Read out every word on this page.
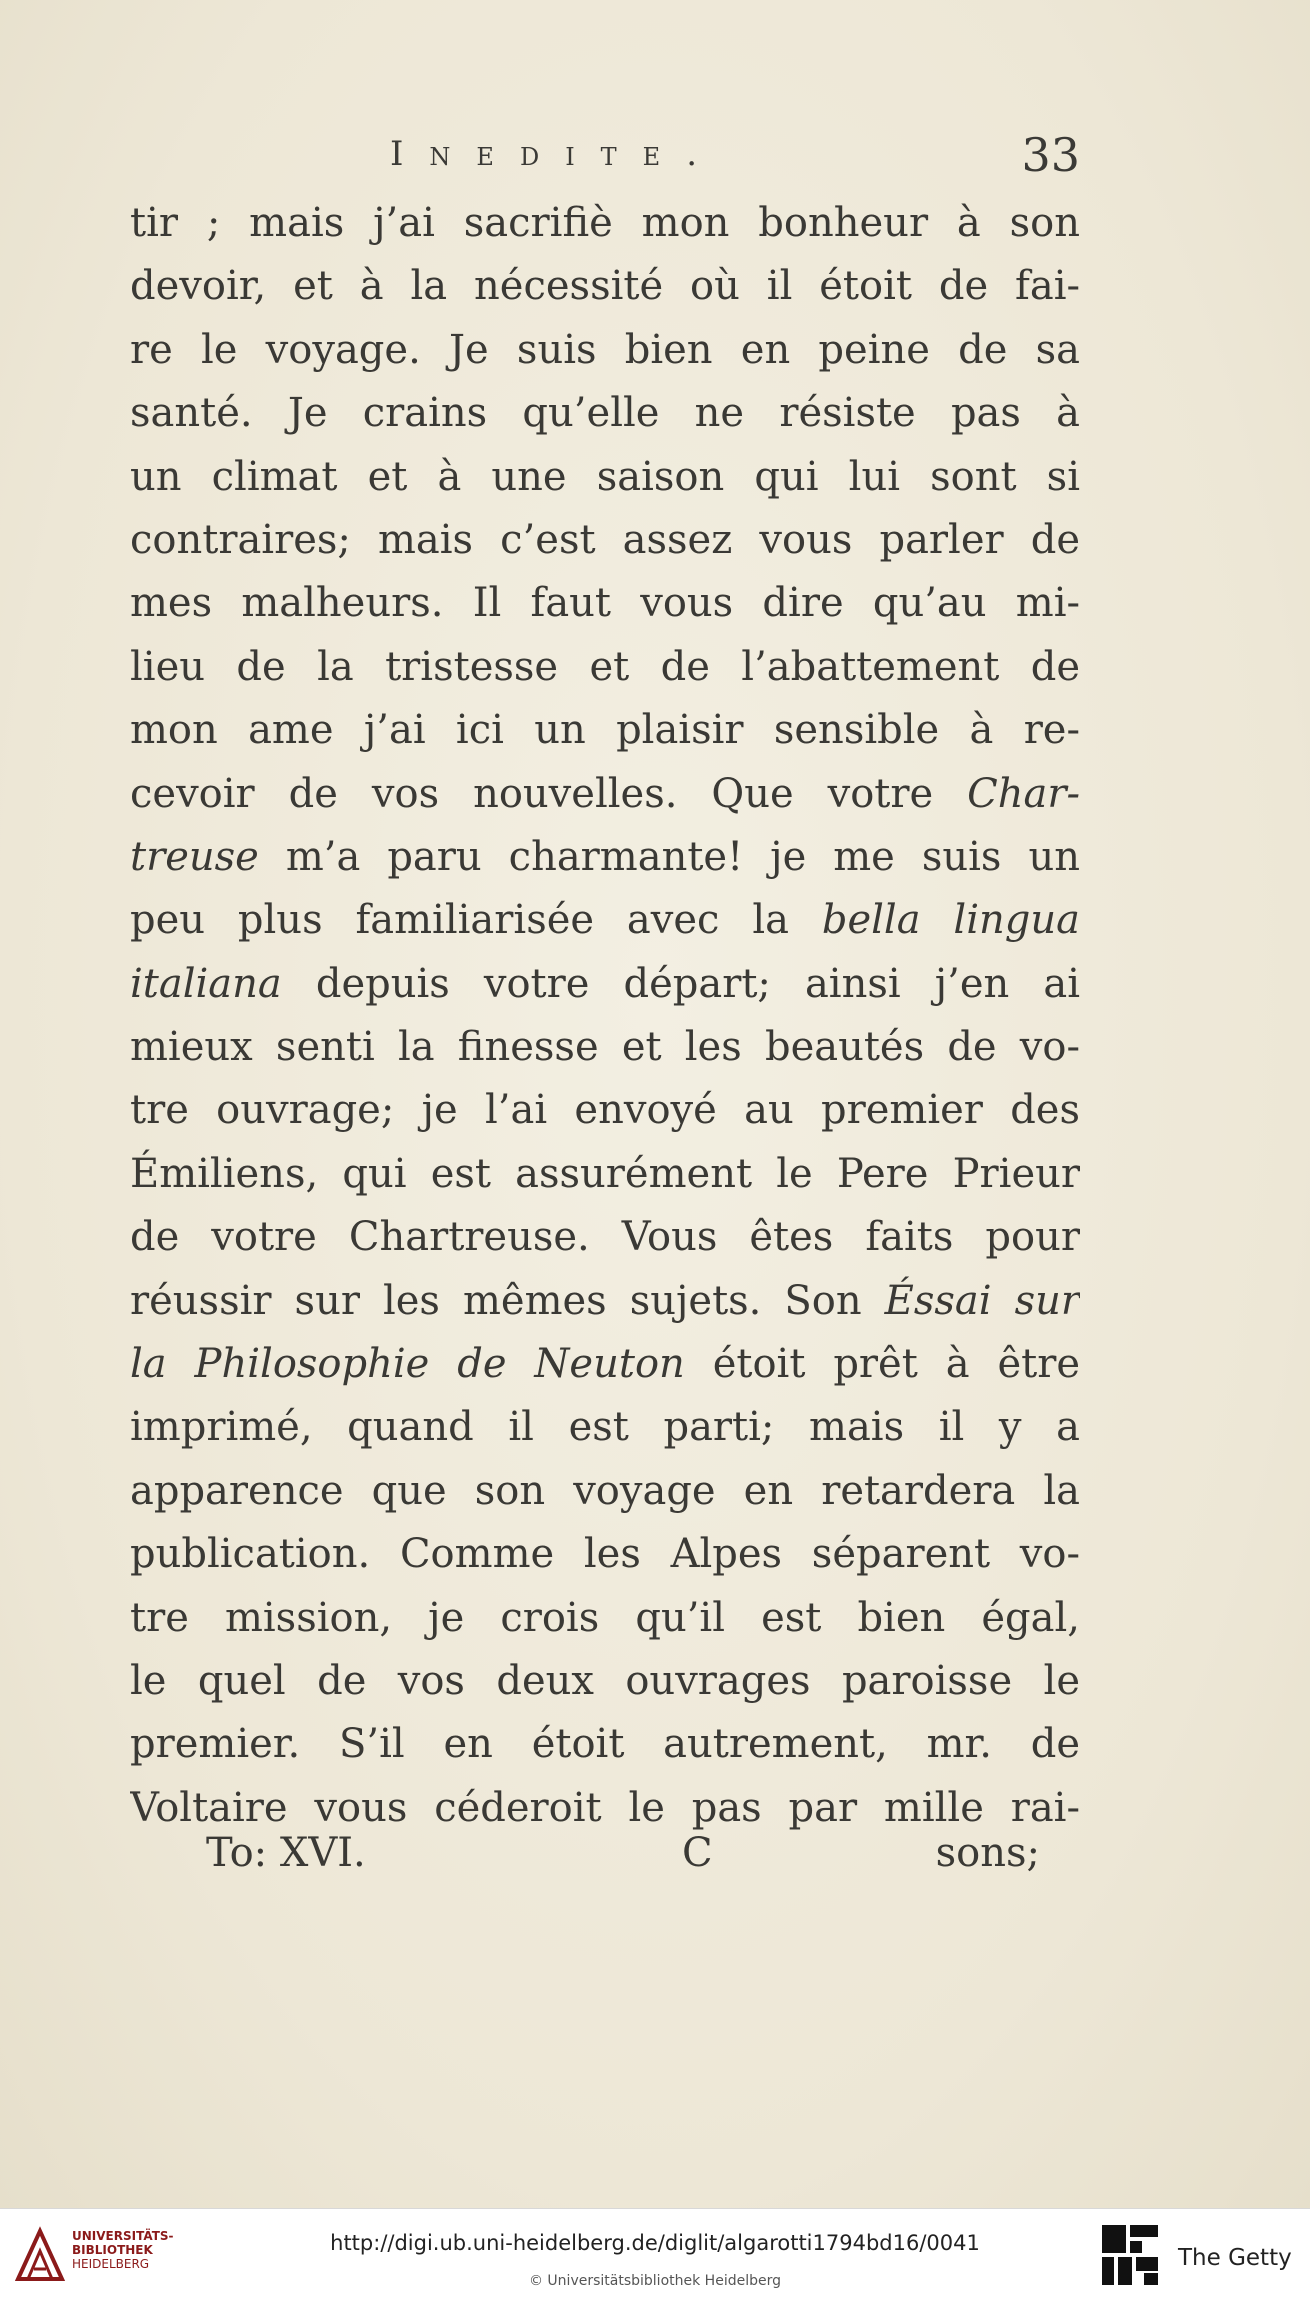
Inedite.	33
tir ; mais j’ai sacrifiè mon bonheur à son
devoir, et à la nécessité où il étoit de fai-
re le voyage. Je suis bien en peine de sa
santé. Je crains qu’elle ne résiste pas à
un climat et à une saison qui lui sont si
contraires; mais c’est assez vous parler de
mes malheurs. Il faut vous dire qu’au mi-
lieu de la tristesse et de l’abattement de
mon ame j’ai ici un plaisir sensible à re-
cevoir de vos nouvelles. Que votre Char-
treuse m’a paru charmante! je me suis un
peu plus familiarisée avec la bella lingua
italiana depuis votre départ; ainsi j’en ai
mieux senti la finesse et les beautés de vo-
tre ouvrage; je l’ai envoyé au premier des
Émiliens, qui est assurément le Pere Prieur
de votre Chartreuse. Vous êtes faits pour
réussir sur les mêmes sujets. Son Éssai sur
la Philosophie de Neuton étoit prêt à être
imprimé, quand il est parti; mais il y a
apparence que son voyage en retardera la
publication. Comme les Alpes séparent vo-
tre mission, je crois qu’il est bien égal,
le quel de vos deux ouvrages paroisse le
premier. S’il en étoit autrement, mr. de
Voltaire vous céderoit le pas par mille rai-
To: XVI.	C	sons;
UNIVERSITÄTS-
BIBLIOTHEK
HEIDELBERG
http://digi.ub.uni-heidelberg.de/diglit/algarotti1794bd16/0041
© Universitätsbibliothek Heidelberg
The Getty
